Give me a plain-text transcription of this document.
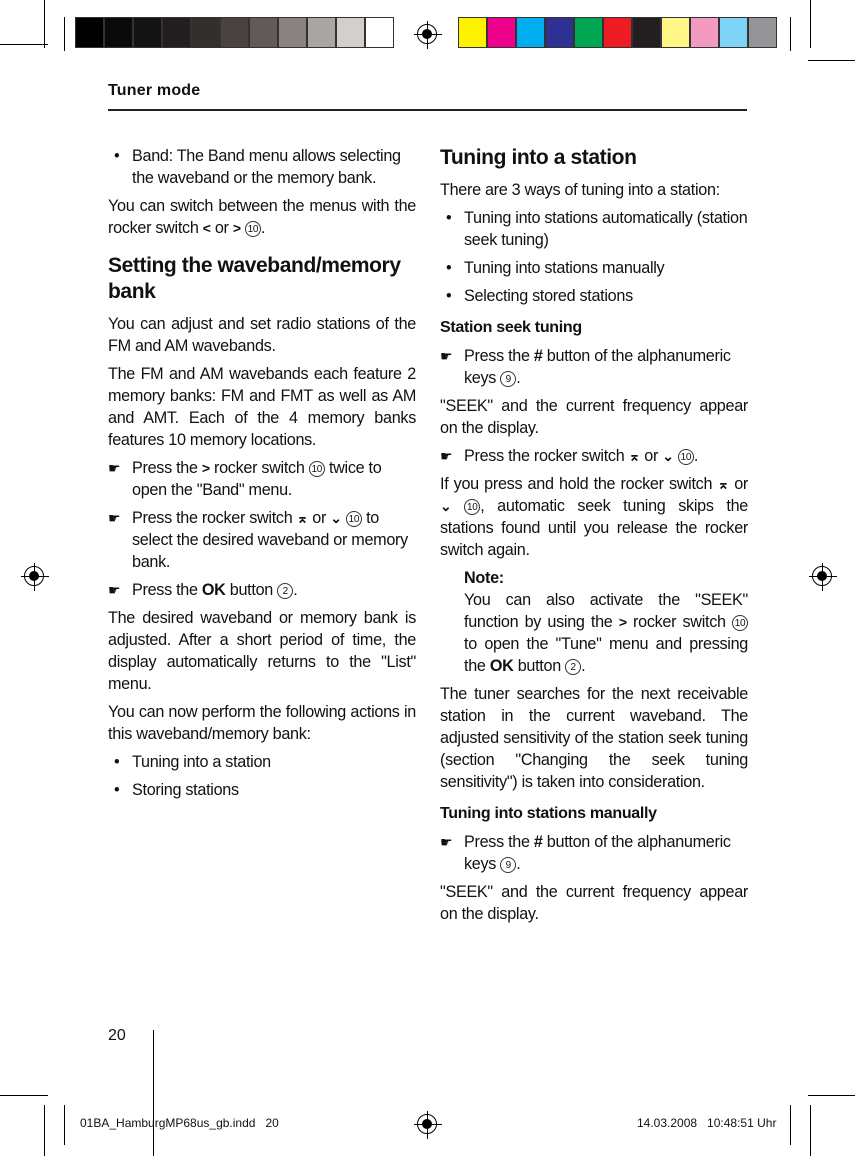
Tuner mode
• Band: The Band menu allows selecting the waveband or the memory bank.

You can switch between the menus with the rocker switch < or > 10 .

Setting the waveband/memory bank

You can adjust and set radio stations of the FM and AM wavebands.

The FM and AM wavebands each feature 2 memory banks: FM and FMT as well as AM and AMT. Each of the 4 memory banks features 10 memory locations.

☛ Press the > rocker switch 10 twice to open the "Band" menu.
☛ Press the rocker switch ⌅ or ⌄ 10 to select the desired waveband or memory bank.
☛ Press the OK button 2 .

The desired waveband or memory bank is adjusted. After a short period of time, the display automatically returns to the "List" menu.

You can now perform the following actions in this waveband/memory bank:

• Tuning into a station
• Storing stations
Tuning into a station

There are 3 ways of tuning into a station:

• Tuning into stations automatically (station seek tuning)
• Tuning into stations manually
• Selecting stored stations
Station seek tuning
☛ Press the # button of the alphanumeric keys 9 .

"SEEK" and the current frequency appear on the display.

☛ Press the rocker switch ⌅ or ⌄ 10 .

If you press and hold the rocker switch ⌅ or ⌄ 10 , automatic seek tuning skips the stations found until you release the rocker switch again.

Note:
You can also activate the "SEEK" function by using the > rocker switch 10 to open the "Tune" menu and pressing the OK button 2 .

The tuner searches for the next receivable station in the current waveband. The adjusted sensitivity of the station seek tuning (section "Changing the seek tuning sensitivity") is taken into consideration.

Tuning into stations manually
☛ Press the # button of the alphanumeric keys 9 .

"SEEK" and the current frequency appear on the display.

20
01BA_HamburgMP68us_gb.indd   20	14.03.2008   10:48:51 Uhr
